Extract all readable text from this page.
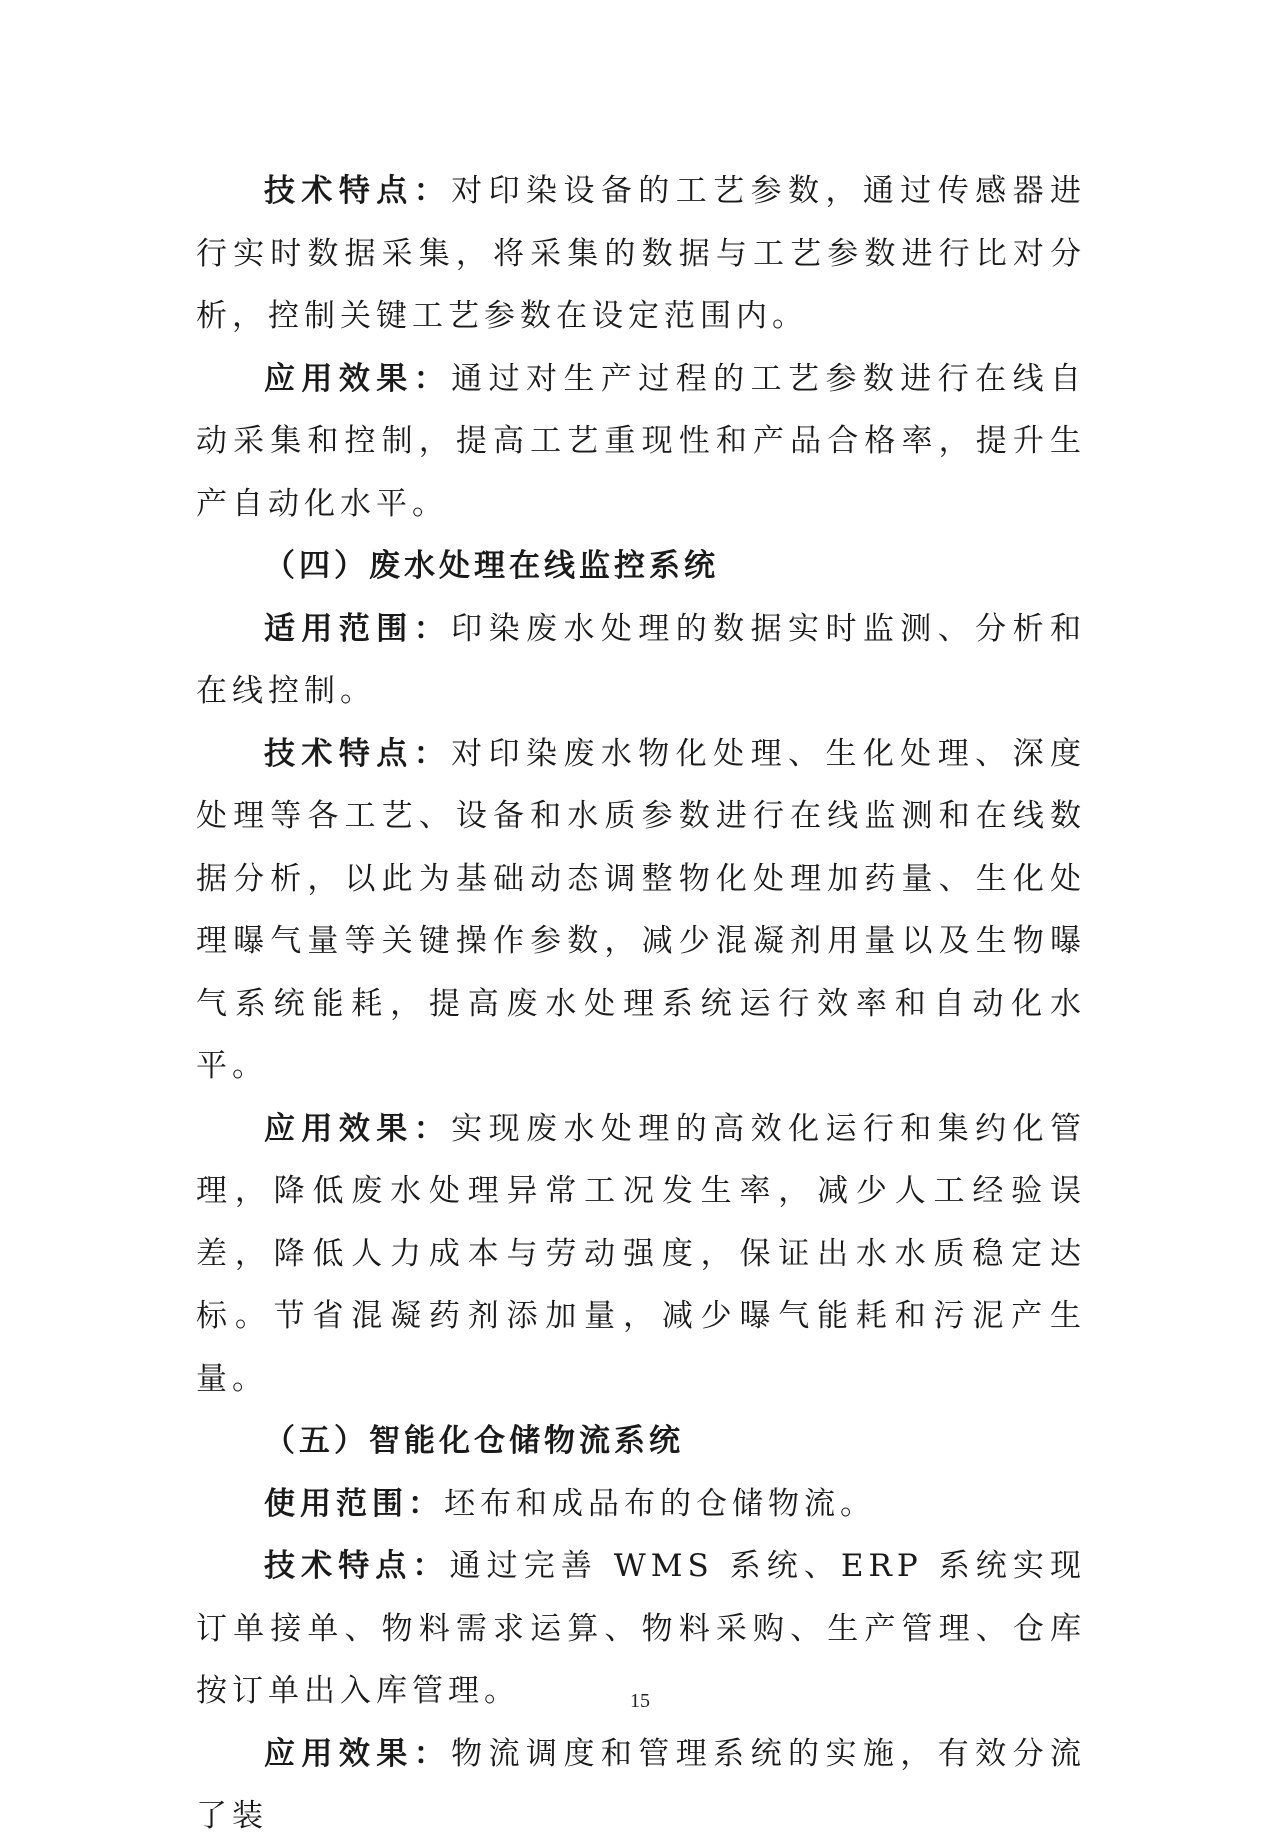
技术特点：对印染设备的工艺参数，通过传感器进行实时数据采集，将采集的数据与工艺参数进行比对分析，控制关键工艺参数在设定范围内。

应用效果：通过对生产过程的工艺参数进行在线自动采集和控制，提高工艺重现性和产品合格率，提升生产自动化水平。

（四）废水处理在线监控系统

适用范围：印染废水处理的数据实时监测、分析和在线控制。

技术特点：对印染废水物化处理、生化处理、深度处理等各工艺、设备和水质参数进行在线监测和在线数据分析，以此为基础动态调整物化处理加药量、生化处理曝气量等关键操作参数，减少混凝剂用量以及生物曝气系统能耗，提高废水处理系统运行效率和自动化水平。

应用效果：实现废水处理的高效化运行和集约化管理，降低废水处理异常工况发生率，减少人工经验误差，降低人力成本与劳动强度，保证出水水质稳定达标。节省混凝药剂添加量，减少曝气能耗和污泥产生量。

（五）智能化仓储物流系统

使用范围：坯布和成品布的仓储物流。

技术特点：通过完善 WMS 系统、ERP 系统实现订单接单、物料需求运算、物料采购、生产管理、仓库按订单出入库管理。

应用效果：物流调度和管理系统的实施，有效分流了装

15
